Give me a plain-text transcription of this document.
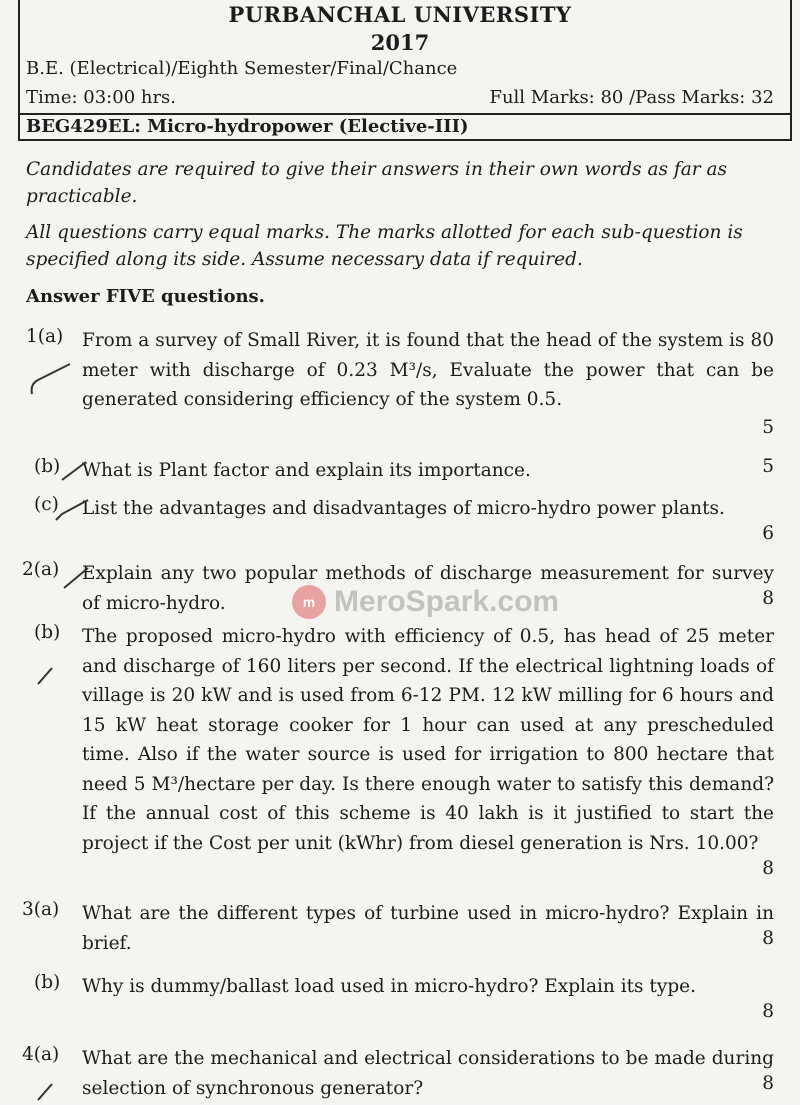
PURBANCHAL UNIVERSITY
2017
B.E. (Electrical)/Eighth Semester/Final/Chance
Time: 03:00 hrs.	Full Marks: 80 /Pass Marks: 32
BEG429EL: Micro-hydropower (Elective-III)
Candidates are required to give their answers in their own words as far as practicable.
All questions carry equal marks. The marks allotted for each sub-question is specified along its side. Assume necessary data if required.
Answer FIVE questions.
1(a) From a survey of Small River, it is found that the head of the system is 80 meter with discharge of 0.23 M³/s, Evaluate the power that can be generated considering efficiency of the system 0.5.
5
(b) What is Plant factor and explain its importance.	5
(c) List the advantages and disadvantages of micro-hydro power plants.
6
2(a) Explain any two popular methods of discharge measurement for survey of micro-hydro.	8
(b) The proposed micro-hydro with efficiency of 0.5, has head of 25 meter and discharge of 160 liters per second. If the electrical lightning loads of village is 20 kW and is used from 6-12 PM. 12 kW milling for 6 hours and 15 kW heat storage cooker for 1 hour can used at any prescheduled time. Also if the water source is used for irrigation to 800 hectare that need 5 M³/hectare per day. Is there enough water to satisfy this demand? If the annual cost of this scheme is 40 lakh is it justified to start the project if the Cost per unit (kWhr) from diesel generation is Nrs. 10.00?
8
3(a) What are the different types of turbine used in micro-hydro? Explain in brief.	8
(b) Why is dummy/ballast load used in micro-hydro? Explain its type.
8
4(a) What are the mechanical and electrical considerations to be made during selection of synchronous generator?	8
m MeroSpark.com
